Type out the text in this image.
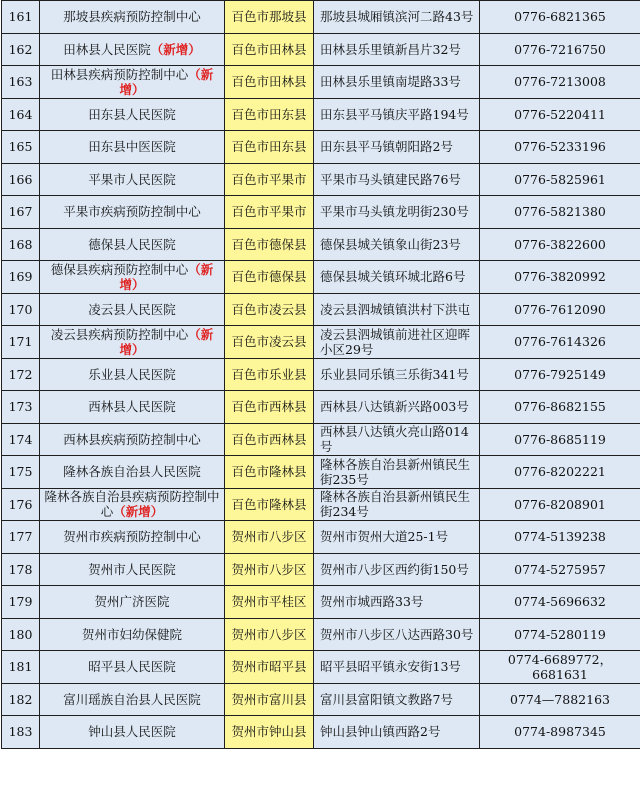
161	那坡县疾病预防控制中心	百色市那坡县	那坡县城厢镇滨河二路43号	0776-6821365
162	田林县人民医院（新增）	百色市田林县	田林县乐里镇新昌片32号	0776-7216750
163	田林县疾病预防控制中心（新增）	百色市田林县	田林县乐里镇南堤路33号	0776-7213008
164	田东县人民医院	百色市田东县	田东县平马镇庆平路194号	0776-5220411
165	田东县中医医院	百色市田东县	田东县平马镇朝阳路2号	0776-5233196
166	平果市人民医院	百色市平果市	平果市马头镇建民路76号	0776-5825961
167	平果市疾病预防控制中心	百色市平果市	平果市马头镇龙明街230号	0776-5821380
168	德保县人民医院	百色市德保县	德保县城关镇象山街23号	0776-3822600
169	德保县疾病预防控制中心（新增）	百色市德保县	德保县城关镇环城北路6号	0776-3820992
170	凌云县人民医院	百色市凌云县	凌云县泗城镇镇洪村下洪屯	0776-7612090
171	凌云县疾病预防控制中心（新增）	百色市凌云县	凌云县泗城镇前进社区迎晖小区29号	0776-7614326
172	乐业县人民医院	百色市乐业县	乐业县同乐镇三乐街341号	0776-7925149
173	西林县人民医院	百色市西林县	西林县八达镇新兴路003号	0776-8682155
174	西林县疾病预防控制中心	百色市西林县	西林县八达镇火亮山路014号	0776-8685119
175	隆林各族自治县人民医院	百色市隆林县	隆林各族自治县新州镇民生街235号	0776-8202221
176	隆林各族自治县疾病预防控制中心（新增）	百色市隆林县	隆林各族自治县新州镇民生街234号	0776-8208901
177	贺州市疾病预防控制中心	贺州市八步区	贺州市贺州大道25-1号	0774-5139238
178	贺州市人民医院	贺州市八步区	贺州市八步区西约街150号	0774-5275957
179	贺州广济医院	贺州市平桂区	贺州市城西路33号	0774-5696632
180	贺州市妇幼保健院	贺州市八步区	贺州市八步区八达西路30号	0774-5280119
181	昭平县人民医院	贺州市昭平县	昭平县昭平镇永安街13号	0774-6689772，6681631
182	富川瑶族自治县人民医院	贺州市富川县	富川县富阳镇文教路7号	0774—7882163
183	钟山县人民医院	贺州市钟山县	钟山县钟山镇西路2号	0774-8987345
